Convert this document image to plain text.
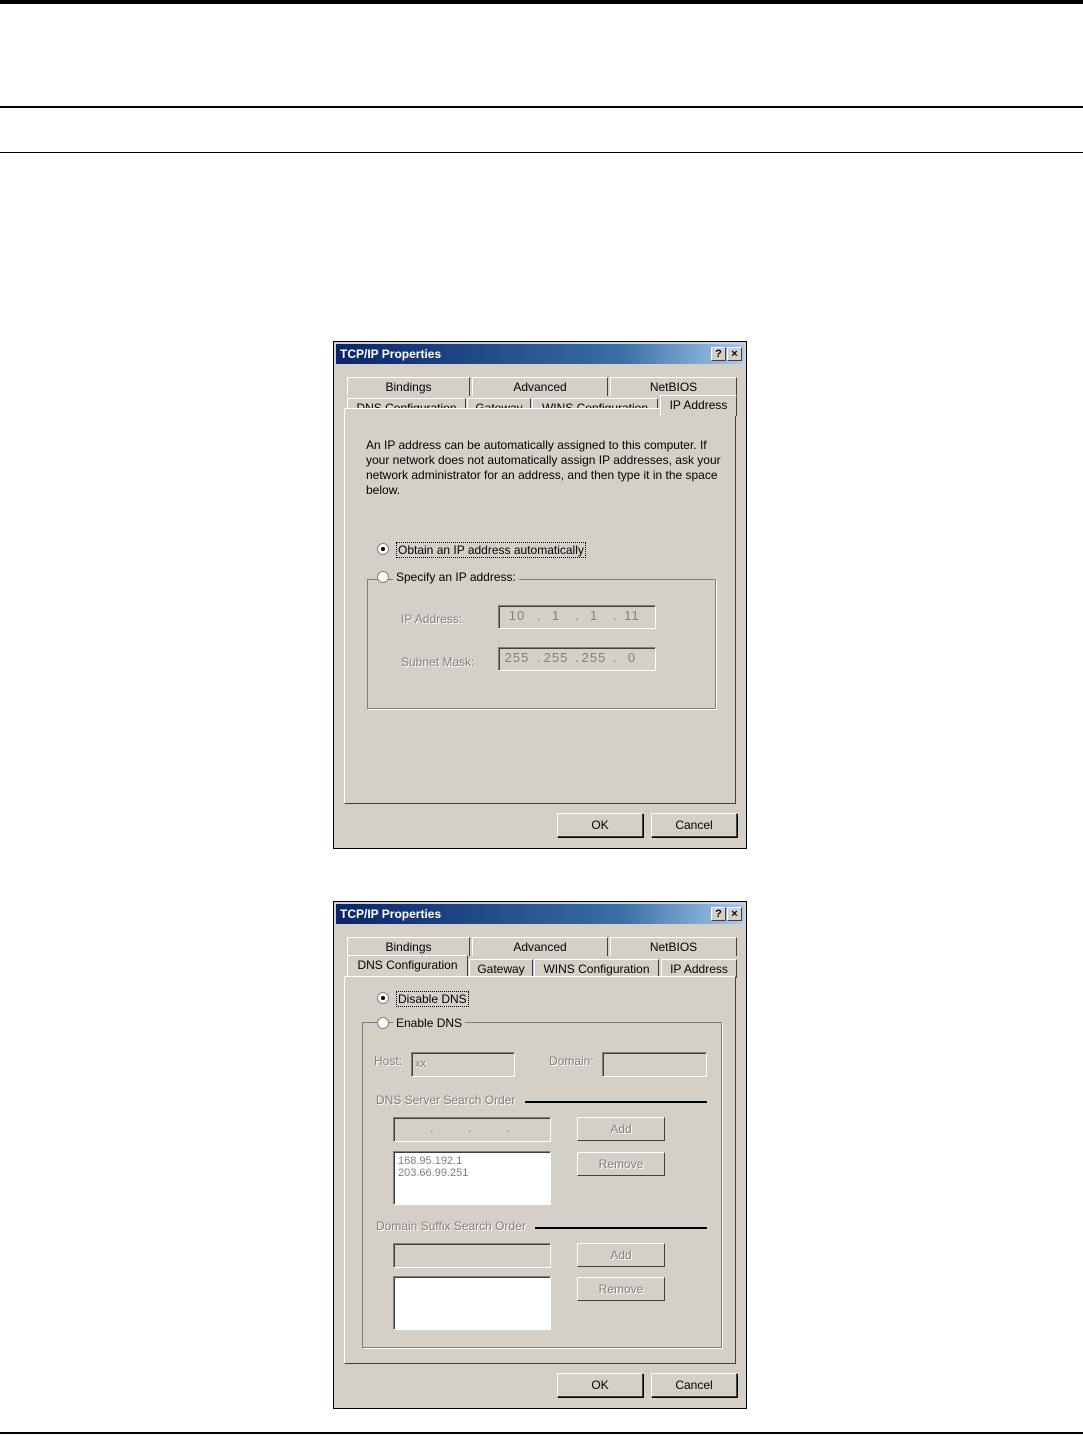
TCP/IP Properties	? ×
Bindings	Advanced	NetBIOS
IP Address
An IP address can be automatically assigned to this computer. If your network does not automatically assign IP addresses, ask your network administrator for an address, and then type it in the space below.
Obtain an IP address automatically
Specify an IP address:
IP Address:	10 . 1	. 1	. 11
Subnet Mask: 255 . 255 . 255 . 0
OK	Cancel
TCP/IP Properties	? ×
Bindings	Advanced	NetBIOS
DNS Configuration	Gateway	WINS Configuration	IP Address
Disable DNS
Enable DNS
Host: xx	Domain:
DNS Server Search Order
.	.	.	Add
168.95.192.1
203.66.99.251
Remove
Domain Suffix Search Order
Add
Remove
OK	Cancel
